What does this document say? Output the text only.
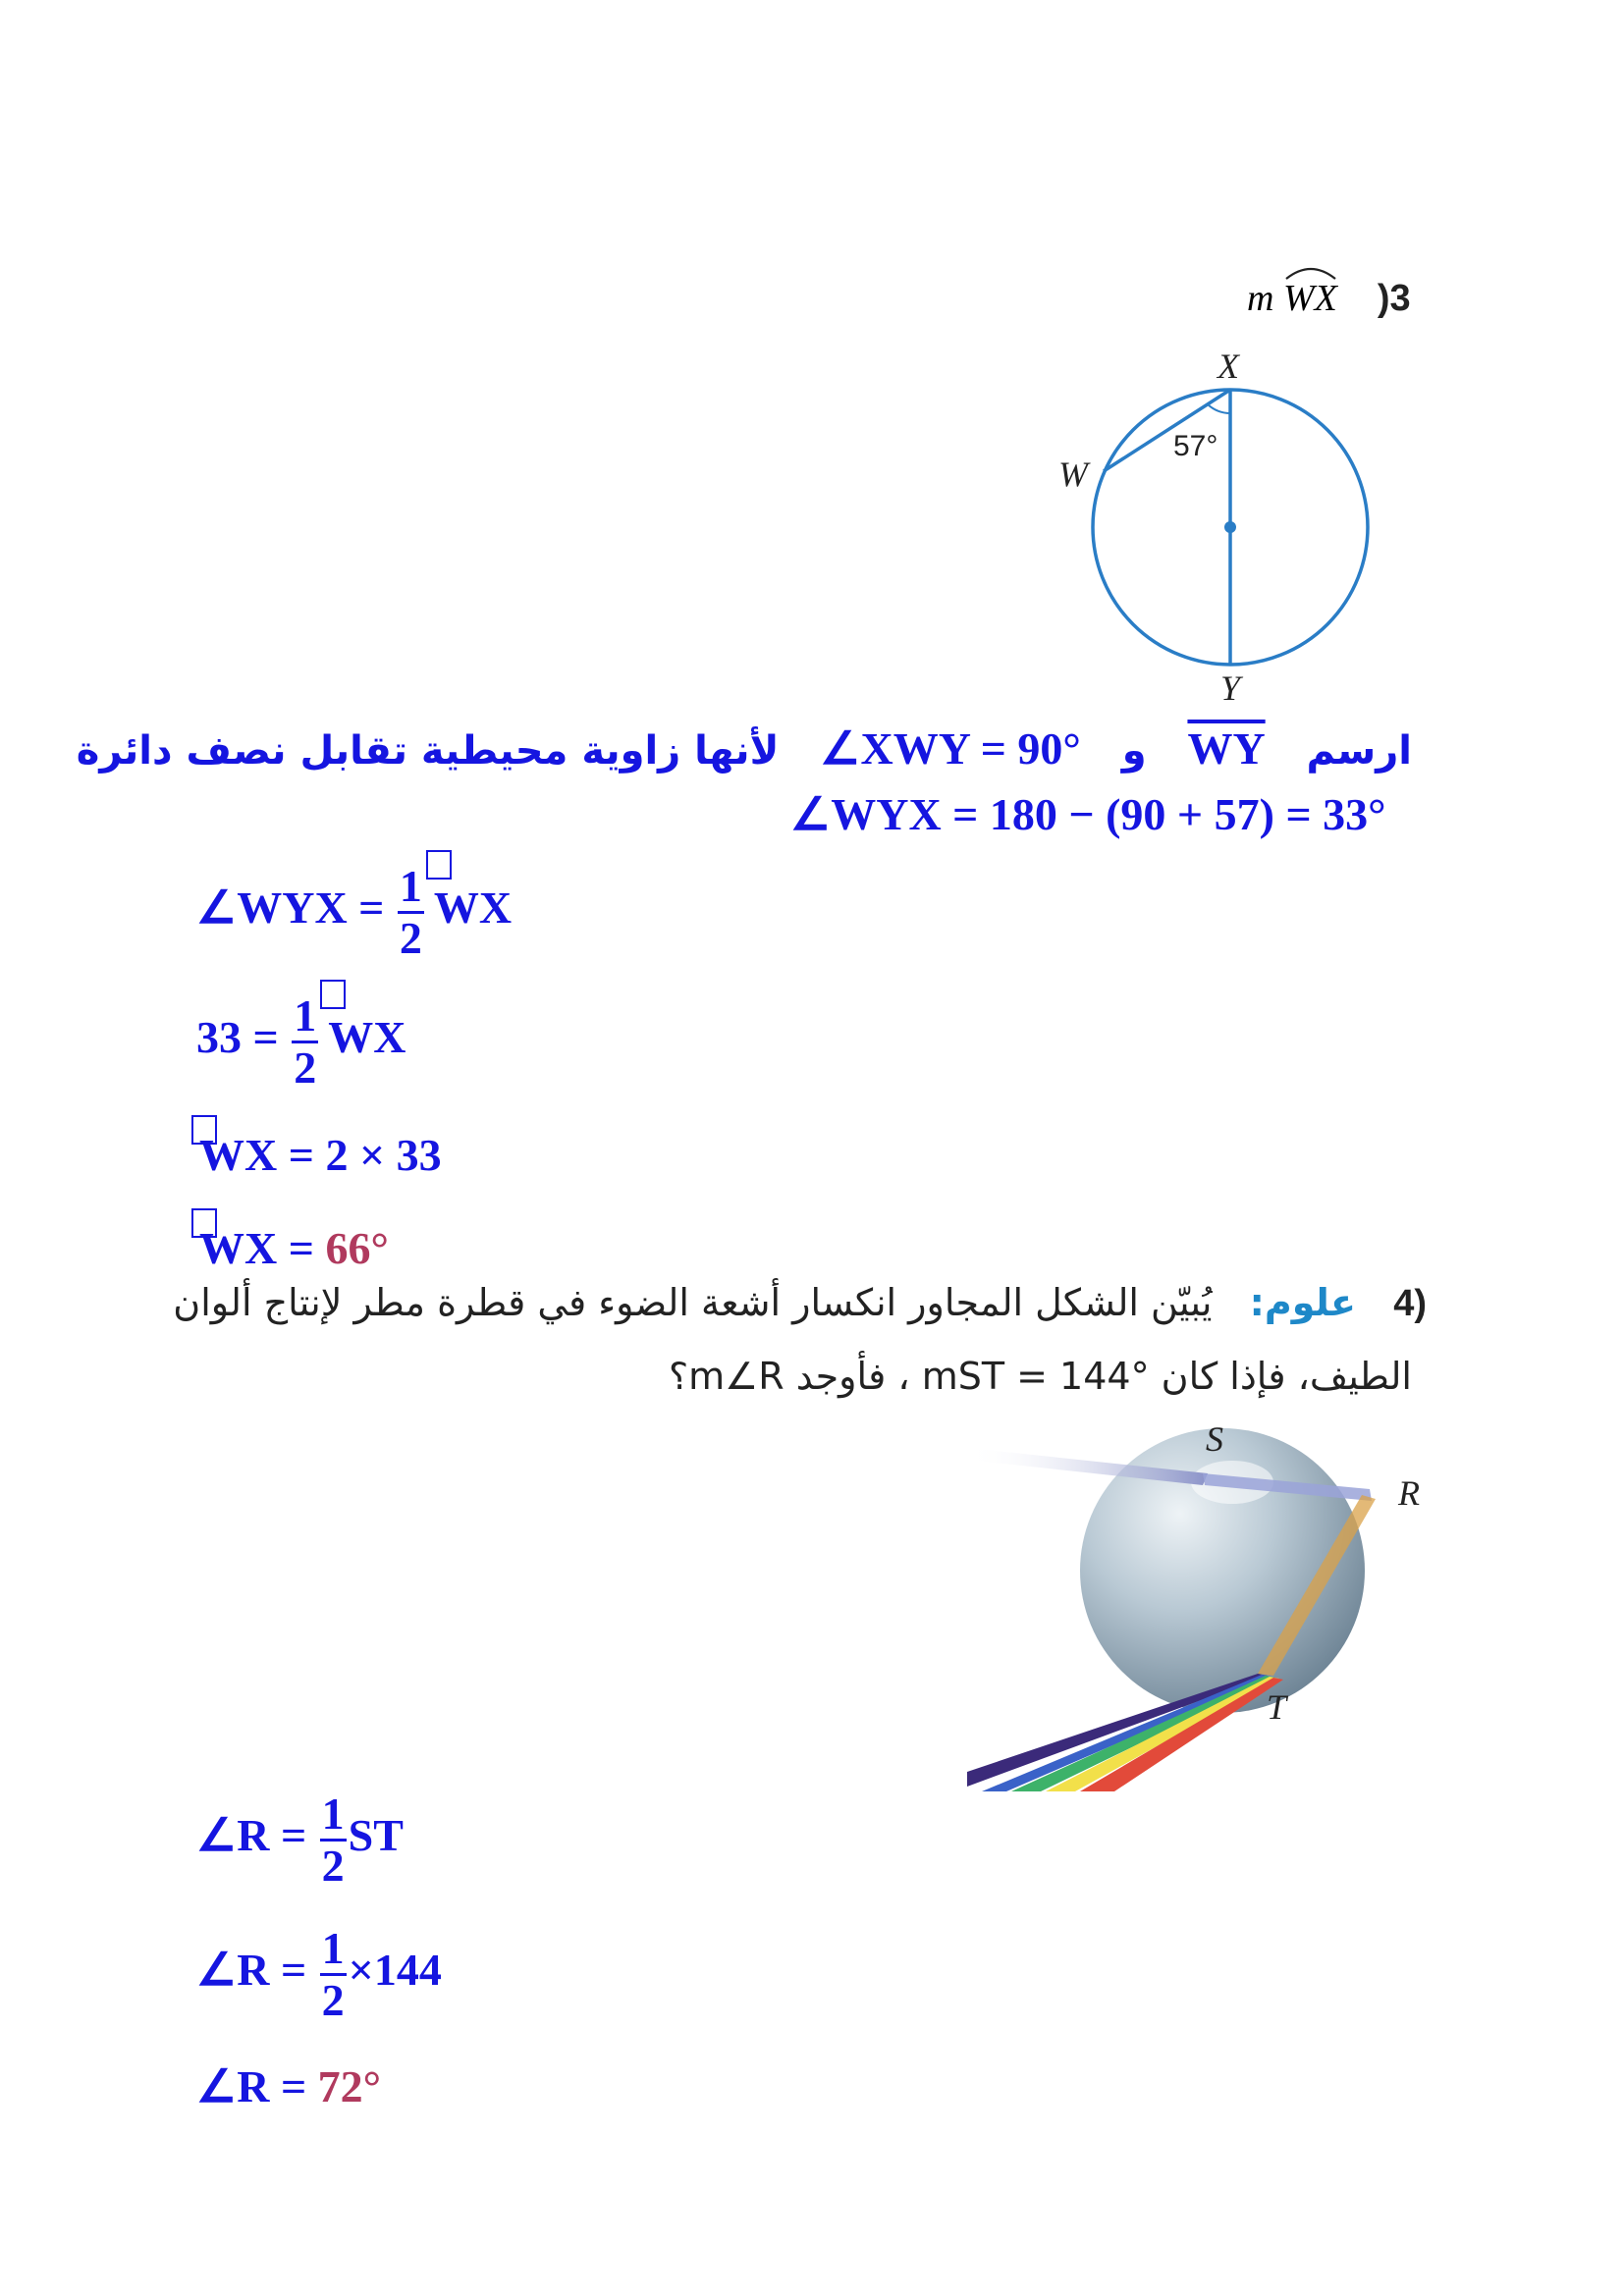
m WX )3
X
W
57°
Y
ارسم  $\overline{WY}$  و  ∠XWY = 90°  لأنها زاوية محيطية تقابل نصف دائرة
∠WYX = 180 − (90 + 57) = 33°
∠WYX = $\frac{1}{2}$ WX
$33 = \frac{1}{2}$ WX
WX = 2 × 33
WX = 66°
4)  علوم:  يُبيّن الشكل المجاور انكسار أشعة الضوء في قطرة مطر لإنتاج ألوان
الطيف، فإذا كان mST = 144° ، فأوجد m∠R؟
S
R
T
∠R = $\frac{1}{2}$ ST
∠R = $\frac{1}{2} \times 144$
∠R = 72°
